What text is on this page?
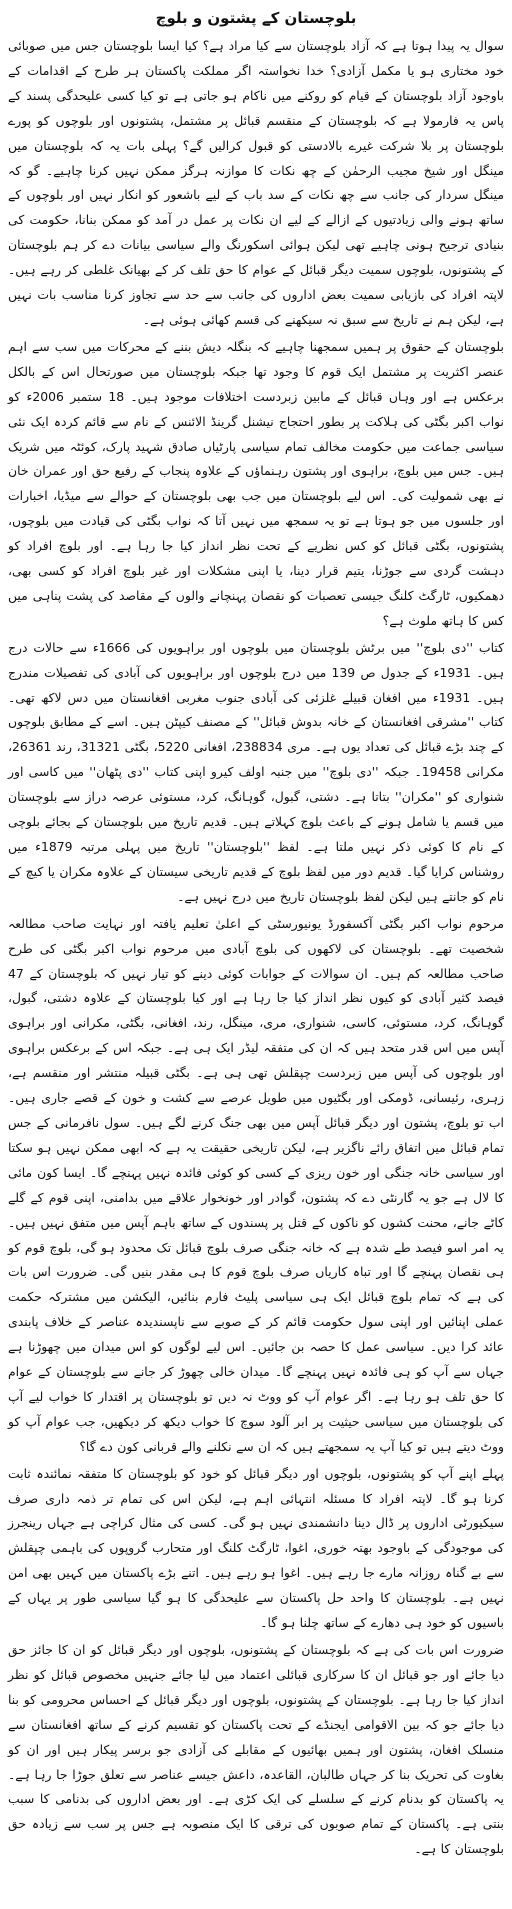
بلوچستان کے پشتون و بلوچ

سوال یہ پیدا ہوتا ہے کہ آزاد بلوچستان سے کیا مراد ہے؟ کیا ایسا بلوچستان جس میں صوبائی خود مختاری ہو یا مکمل آزادی؟ خدا نخواستہ اگر مملکت پاکستان ہر طرح کے اقدامات کے باوجود آزاد بلوچستان کے قیام کو روکنے میں ناکام ہو جاتی ہے تو کیا کسی علیحدگی پسند کے پاس یہ فارمولا ہے کہ بلوچستان کے منقسم قبائل پر مشتمل، پشتونوں اور بلوچوں کو پورے بلوچستان پر بلا شرکت غیرے بالادستی کو قبول کرالیں گے؟ پہلی بات یہ کہ بلوچستان میں مینگل اور شیخ مجیب الرحمٰن کے چھ نکات کا موازنہ ہرگز ممکن نہیں کرنا چاہیے۔ گو کہ مینگل سردار کی جانب سے چھ نکات کے سد باب کے لیے باشعور کو انکار نہیں اور بلوچوں کے ساتھ ہونے والی زیادتیوں کے ازالے کے لیے ان نکات پر عمل در آمد کو ممکن بنانا، حکومت کی بنیادی ترجیح ہونی چاہیے تھی لیکن ہوائی اسکورنگ والے سیاسی بیانات دے کر ہم بلوچستان کے پشتونوں، بلوچوں سمیت دیگر قبائل کے عوام کا حق تلف کر کے بھیانک غلطی کر رہے ہیں۔ لاپتہ افراد کی بازیابی سمیت بعض اداروں کی جانب سے حد سے تجاوز کرنا مناسب بات نہیں ہے، لیکن ہم نے تاریخ سے سبق نہ سیکھنے کی قسم کھائی ہوئی ہے۔

بلوچستان کے حقوق پر ہمیں سمجھنا چاہیے کہ بنگلہ دیش بننے کے محرکات میں سب سے اہم عنصر اکثریت پر مشتمل ایک قوم کا وجود تھا جبکہ بلوچستان میں صورتحال اس کے بالکل برعکس ہے اور وہاں قبائل کے مابین زبردست اختلافات موجود ہیں۔ 18 ستمبر 2006ء کو نواب اکبر بگٹی کی ہلاکت پر بطور احتجاج نیشنل گرینڈ الائنس کے نام سے قائم کردہ ایک نئی سیاسی جماعت میں حکومت مخالف تمام سیاسی پارٹیاں صادق شہید پارک، کوئٹہ میں شریک ہیں۔ جس میں بلوچ، براہوی اور پشتون رہنماؤں کے علاوہ پنجاب کے رفیع حق اور عمران خان نے بھی شمولیت کی۔ اس لیے بلوچستان میں جب بھی بلوچستان کے حوالے سے میڈیا، اخبارات اور جلسوں میں جو ہوتا ہے تو یہ سمجھ میں نہیں آتا کہ نواب بگٹی کی قیادت میں بلوچوں، پشتونوں، بگٹی قبائل کو کس نظریے کے تحت نظر انداز کیا جا رہا ہے۔ اور بلوچ افراد کو دہشت گردی سے جوڑنا، یتیم قرار دینا، یا اپنی مشکلات اور غیر بلوچ افراد کو کسی بھی، دھمکیوں، ٹارگٹ کلنگ جیسی تعصبات کو نقصان پہنچانے والوں کے مقاصد کی پشت پناہی میں کس کا ہاتھ ملوث ہے؟

کتاب ''دی بلوچ'' میں برٹش بلوچستان میں بلوچوں اور براہویوں کی 1666ء سے حالات درج ہیں۔ 1931ء کے جدول ص 139 میں درج بلوچوں اور براہویوں کی آبادی کی تفصیلات مندرج ہیں۔ 1931ء میں افغان قبیلے غلزئی کی آبادی جنوب مغربی افغانستان میں دس لاکھ تھی۔ کتاب ''مشرقی افغانستان کے خانہ بدوش قبائل'' کے مصنف کیپٹن ہیں۔ اسے کے مطابق بلوچوں کے چند بڑے قبائل کی تعداد یوں ہے۔ مری 238834، افغانی 5220، بگٹی 31321، رند 26361، مکرانی 19458۔ جبکہ ''دی بلوچ'' میں جنبہ اولف کیرو اپنی کتاب ''دی پٹھان'' میں کاسی اور شنواری کو ''مکران'' بتاتا ہے۔ دشتی، گبول، گوہانگ، کرد، مستوئی عرصہ دراز سے بلوچستان میں قسم یا شامل ہونے کے باعث بلوچ کہلاتے ہیں۔ قدیم تاریخ میں بلوچستان کے بجائے بلوچی کے نام کا کوئی ذکر نہیں ملتا ہے۔ لفظ ''بلوچستان'' تاریخ میں پہلی مرتبہ 1879ء میں روشناس کرایا گیا۔ قدیم دور میں لفظ بلوچ کے قدیم تاریخی سیستان کے علاوہ مکران یا کیچ کے نام کو جانتے ہیں لیکن لفظ بلوچستان تاریخ میں درج نہیں ہے۔

مرحوم نواب اکبر بگٹی آکسفورڈ یونیورسٹی کے اعلیٰ تعلیم یافتہ اور نہایت صاحب مطالعہ شخصیت تھے۔ بلوچستان کی لاکھوں کی بلوچ آبادی میں مرحوم نواب اکبر بگٹی کی طرح صاحب مطالعہ کم ہیں۔ ان سوالات کے جوابات کوئی دینے کو تیار نہیں کہ بلوچستان کے 47 فیصد کثیر آبادی کو کیوں نظر انداز کیا جا رہا ہے اور کیا بلوچستان کے علاوہ دشتی، گبول، گوہانگ، کرد، مستوئی، کاسی، شنواری، مری، مینگل، رند، افغانی، بگٹی، مکرانی اور براہوی آپس میں اس قدر متحد ہیں کہ ان کی متفقہ لیڈر ایک ہی ہے۔ جبکہ اس کے برعکس براہوی اور بلوچوں کی آپس میں زبردست چپقلش تھی ہی ہے۔ بگٹی قبیلہ منتشر اور منقسم ہے، زہری، رئیسانی، ڈومکی اور بگٹیوں میں طویل عرصے سے کشت و خون کے قصے جاری ہیں۔ اب تو بلوچ، پشتون اور دیگر قبائل آپس میں بھی جنگ کرنے لگے ہیں۔ سول نافرمانی کے جس تمام قبائل میں اتفاق رائے ناگزیر ہے، لیکن تاریخی حقیقت یہ ہے کہ ابھی ممکن نہیں ہو سکتا اور سیاسی خانہ جنگی اور خون ریزی کے کسی کو کوئی فائدہ نہیں پہنچے گا۔ ایسا کون مائی کا لال ہے جو یہ گارنٹی دے کہ پشتون، گوادر اور خونخوار علاقے میں بدامنی، اپنی قوم کے گلے کاٹے جانے، محنت کشوں کو ناکوں کے قتل پر پسندوں کے ساتھ باہم آپس میں متفق نہیں ہیں۔ یہ امر اسو فیصد طے شدہ ہے کہ خانہ جنگی صرف بلوچ قبائل تک محدود ہو گی، بلوچ قوم کو ہی نقصان پہنچے گا اور تباہ کاریاں صرف بلوچ قوم کا ہی مقدر بنیں گی۔ ضرورت اس بات کی ہے کہ تمام بلوچ قبائل ایک ہی سیاسی پلیٹ فارم بنائیں، الیکشن میں مشترکہ حکمت عملی اپنائیں اور اپنی سول حکومت قائم کر کے صوبے سے ناپسندیدہ عناصر کے خلاف پابندی عائد کرا دیں۔ سیاسی عمل کا حصہ بن جائیں۔ اس لیے لوگوں کو اس میدان میں چھوڑنا ہے جہاں سے آپ کو ہی فائدہ نہیں پہنچے گا۔ میدان خالی چھوڑ کر جانے سے بلوچستان کے عوام کا حق تلف ہو رہا ہے۔ اگر عوام آپ کو ووٹ نہ دیں تو بلوچستان پر اقتدار کا خواب لیے آپ کی بلوچستان میں سیاسی حیثیت پر ابر آلود سوچ کا خواب دیکھ کر دیکھیں، جب عوام آپ کو ووٹ دیتے ہیں تو کیا آپ یہ سمجھتے ہیں کہ ان سے نکلنے والے قربانی کون دے گا؟

پہلے اپنے آپ کو پشتونوں، بلوچوں اور دیگر قبائل کو خود کو بلوچستان کا متفقہ نمائندہ ثابت کرنا ہو گا۔ لاپتہ افراد کا مسئلہ انتہائی اہم ہے، لیکن اس کی تمام تر ذمہ داری صرف سیکیورٹی اداروں پر ڈال دینا دانشمندی نہیں ہو گی۔ کسی کی مثال کراچی ہے جہاں رینجرز کی موجودگی کے باوجود بھتہ خوری، اغوا، ٹارگٹ کلنگ اور متحارب گروپوں کی باہمی چپقلش سے بے گناہ روزانہ مارے جا رہے ہیں۔ اغوا ہو رہے ہیں۔ اتنے بڑے پاکستان میں کہیں بھی امن نہیں ہے۔ بلوچستان کا واحد حل پاکستان سے علیحدگی کا ہو گیا سیاسی طور پر یہاں کے باسیوں کو خود ہی دھارے کے ساتھ چلنا ہو گا۔

ضرورت اس بات کی ہے کہ بلوچستان کے پشتونوں، بلوچوں اور دیگر قبائل کو ان کا جائز حق دیا جائے اور جو قبائل ان کا سرکاری قبائلی اعتماد میں لیا جائے جنہیں مخصوص قبائل کو نظر انداز کیا جا رہا ہے۔ بلوچستان کے پشتونوں، بلوچوں اور دیگر قبائل کے احساس محرومی کو بنا دیا جائے جو کہ بین الاقوامی ایجنڈے کے تحت پاکستان کو تقسیم کرنے کے ساتھ افغانستان سے منسلک افغان، پشتون اور ہمیں بھائیوں کے مقابلے کی آزادی جو برسر پیکار ہیں اور ان کو بغاوت کی تحریک بنا کر جہاں طالبان، القاعدہ، داعش جیسے عناصر سے تعلق جوڑا جا رہا ہے۔ یہ پاکستان کو بدنام کرنے کے سلسلے کی ایک کڑی ہے۔ اور بعض اداروں کی بدنامی کا سبب بنتی ہے۔ پاکستان کے تمام صوبوں کی ترقی کا ایک منصوبہ ہے جس پر سب سے زیادہ حق بلوچستان کا ہے۔
